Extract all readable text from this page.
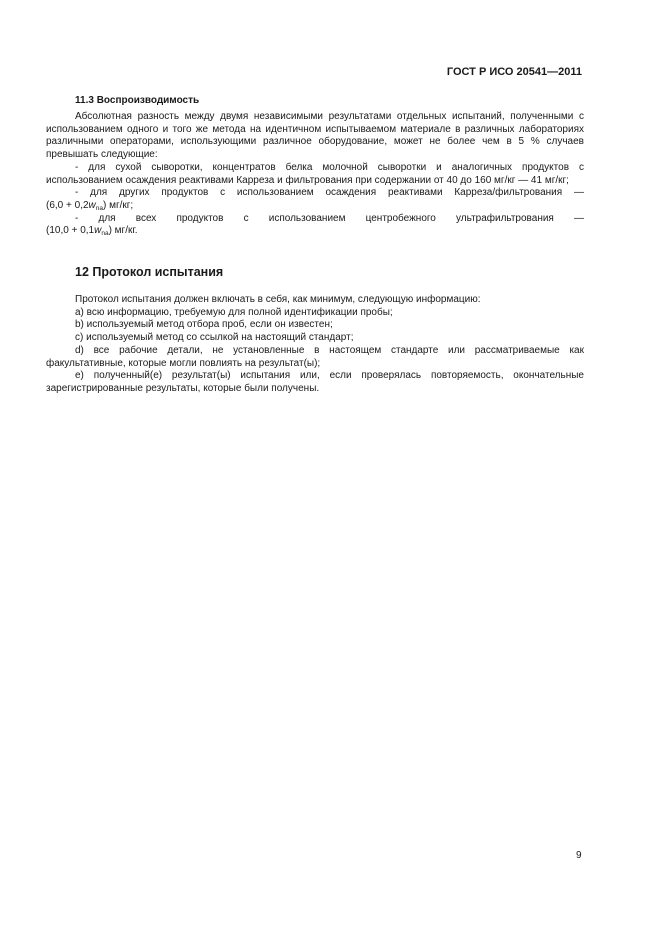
ГОСТ Р ИСО 20541—2011
11.3 Воспроизводимость

Абсолютная разность между двумя независимыми результатами отдельных испытаний, полученными с использованием одного и того же метода на идентичном испытываемом материале в различных лабораториях различными операторами, использующими различное оборудование, может не более чем в 5 % случаев превышать следующие:

- для сухой сыворотки, концентратов белка молочной сыворотки и аналогичных продуктов с использованием осаждения реактивами Карреза и фильтрования при содержании от 40 до 160 мг/кг — 41 мг/кг;

- для других продуктов с использованием осаждения реактивами Карреза/фильтрования —

$(6,0 + 0,2w_{na})$ мг/кг;

- для всех продуктов с использованием центробежного ультрафильтрования —

$(10,0 + 0,1w_{na})$ мг/кг.

12 Протокол испытания

Протокол испытания должен включать в себя, как минимум, следующую информацию:

a) всю информацию, требуемую для полной идентификации пробы;

b) используемый метод отбора проб, если он известен;

c) используемый метод со ссылкой на настоящий стандарт;

d) все рабочие детали, не установленные в настоящем стандарте или рассматриваемые как факультативные, которые могли повлиять на результат(ы);

e) полученный(е) результат(ы) испытания или, если проверялась повторяемость, окончательные зарегистрированные результаты, которые были получены.

9
